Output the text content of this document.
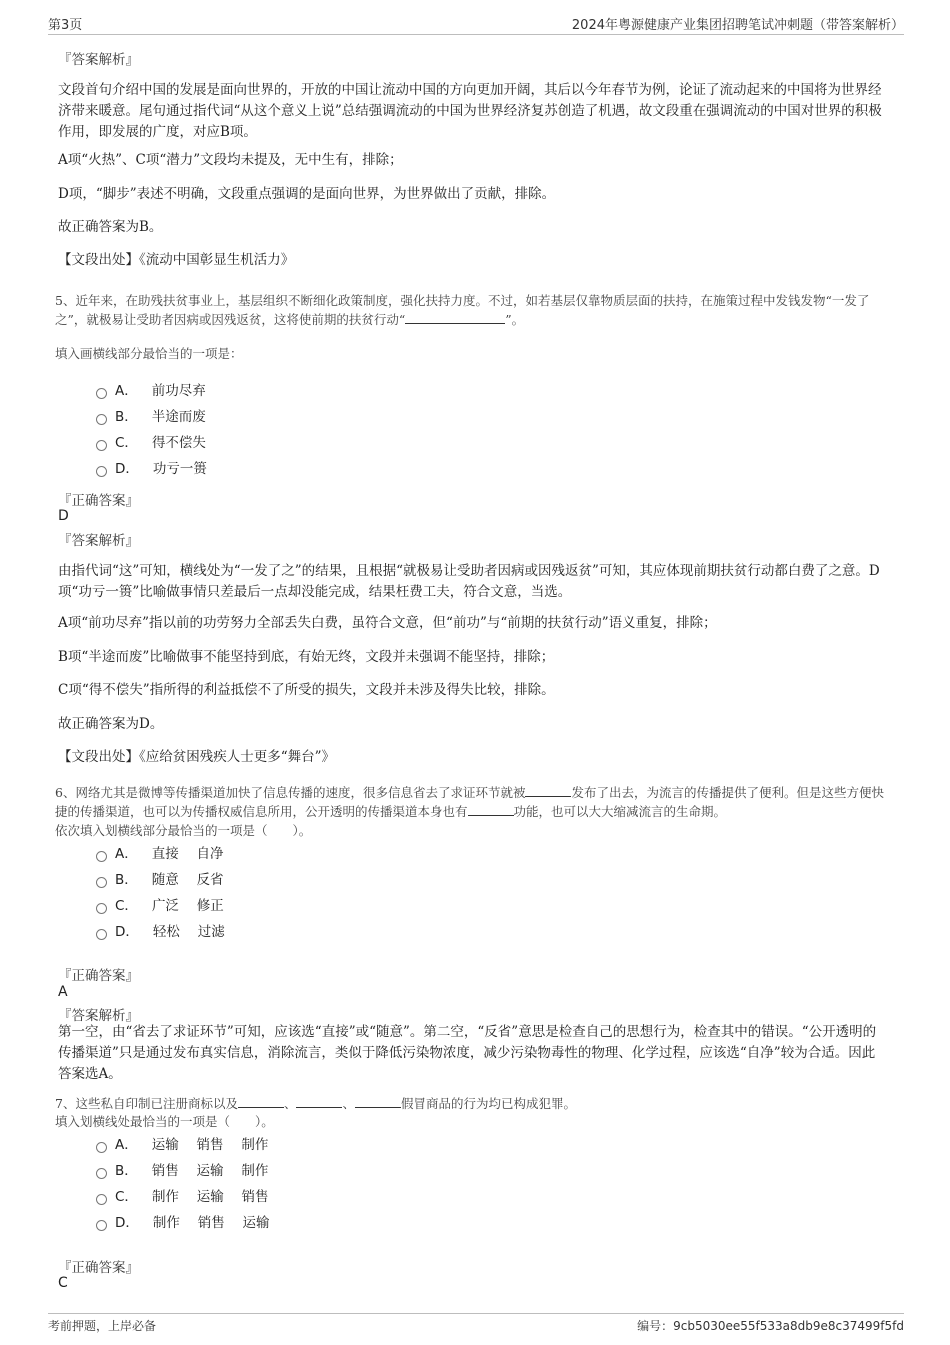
第3页	2024年粤源健康产业集团招聘笔试冲刺题（带答案解析）
『答案解析』

文段首句介绍中国的发展是面向世界的，开放的中国让流动中国的方向更加开阔，其后以今年春节为例，论证了流动起来的中国将为世界经济带来暖意。尾句通过指代词“从这个意义上说”总结强调流动的中国为世界经济复苏创造了机遇，故文段重在强调流动的中国对世界的积极作用，即发展的广度，对应B项。

A项“火热”、C项“潜力”文段均未提及，无中生有，排除；

D项，“脚步”表述不明确，文段重点强调的是面向世界，为世界做出了贡献，排除。

故正确答案为B。

【文段出处】《流动中国彰显生机活力》

5、近年来，在助残扶贫事业上，基层组织不断细化政策制度，强化扶持力度。不过，如若基层仅靠物质层面的扶持，在施策过程中发钱发物“一发了之”，就极易让受助者因病或因残返贫，这将使前期的扶贫行动“	”。

填入画横线部分最恰当的一项是：

A． 前功尽弃
B． 半途而废
C． 得不偿失
D． 功亏一篑
『正确答案』
D
『答案解析』

由指代词“这”可知，横线处为“一发了之”的结果，且根据“就极易让受助者因病或因残返贫”可知，其应体现前期扶贫行动都白费了之意。D项“功亏一篑”比喻做事情只差最后一点却没能完成，结果枉费工夫，符合文意，当选。

A项“前功尽弃”指以前的功劳努力全部丢失白费，虽符合文意，但“前功”与“前期的扶贫行动”语义重复，排除；

B项“半途而废”比喻做事不能坚持到底，有始无终，文段并未强调不能坚持，排除；

C项“得不偿失”指所得的利益抵偿不了所受的损失，文段并未涉及得失比较，排除。

故正确答案为D。

【文段出处】《应给贫困残疾人士更多“舞台”》

6、网络尤其是微博等传播渠道加快了信息传播的速度，很多信息省去了求证环节就被	发布了出去，为流言的传播提供了便利。但是这些方便快捷的传播渠道，也可以为传播权威信息所用，公开透明的传播渠道本身也有	功能，也可以大大缩减流言的生命期。

依次填入划横线部分最恰当的一项是（　　）。

A． 直接　 自净
B． 随意　 反省
C． 广泛　 修正
D． 轻松　 过滤
『正确答案』
A
『答案解析』

第一空，由“省去了求证环节”可知，应该选“直接”或“随意”。第二空，“反省”意思是检查自己的思想行为，检查其中的错误。“公开透明的传播渠道”只是通过发布真实信息，消除流言，类似于降低污染物浓度，减少污染物毒性的物理、化学过程，应该选“自净”较为合适。因此答案选A。

7、这些私自印制已注册商标以及	、	、	假冒商品的行为均已构成犯罪。

填入划横线处最恰当的一项是（　　）。

A． 运输　 销售　 制作
B． 销售　 运输　 制作
C． 制作　 运输　 销售
D． 制作　 销售　 运输
『正确答案』
C
考前押题，上岸必备	编号：9cb5030ee55f533a8db9e8c37499f5fd
